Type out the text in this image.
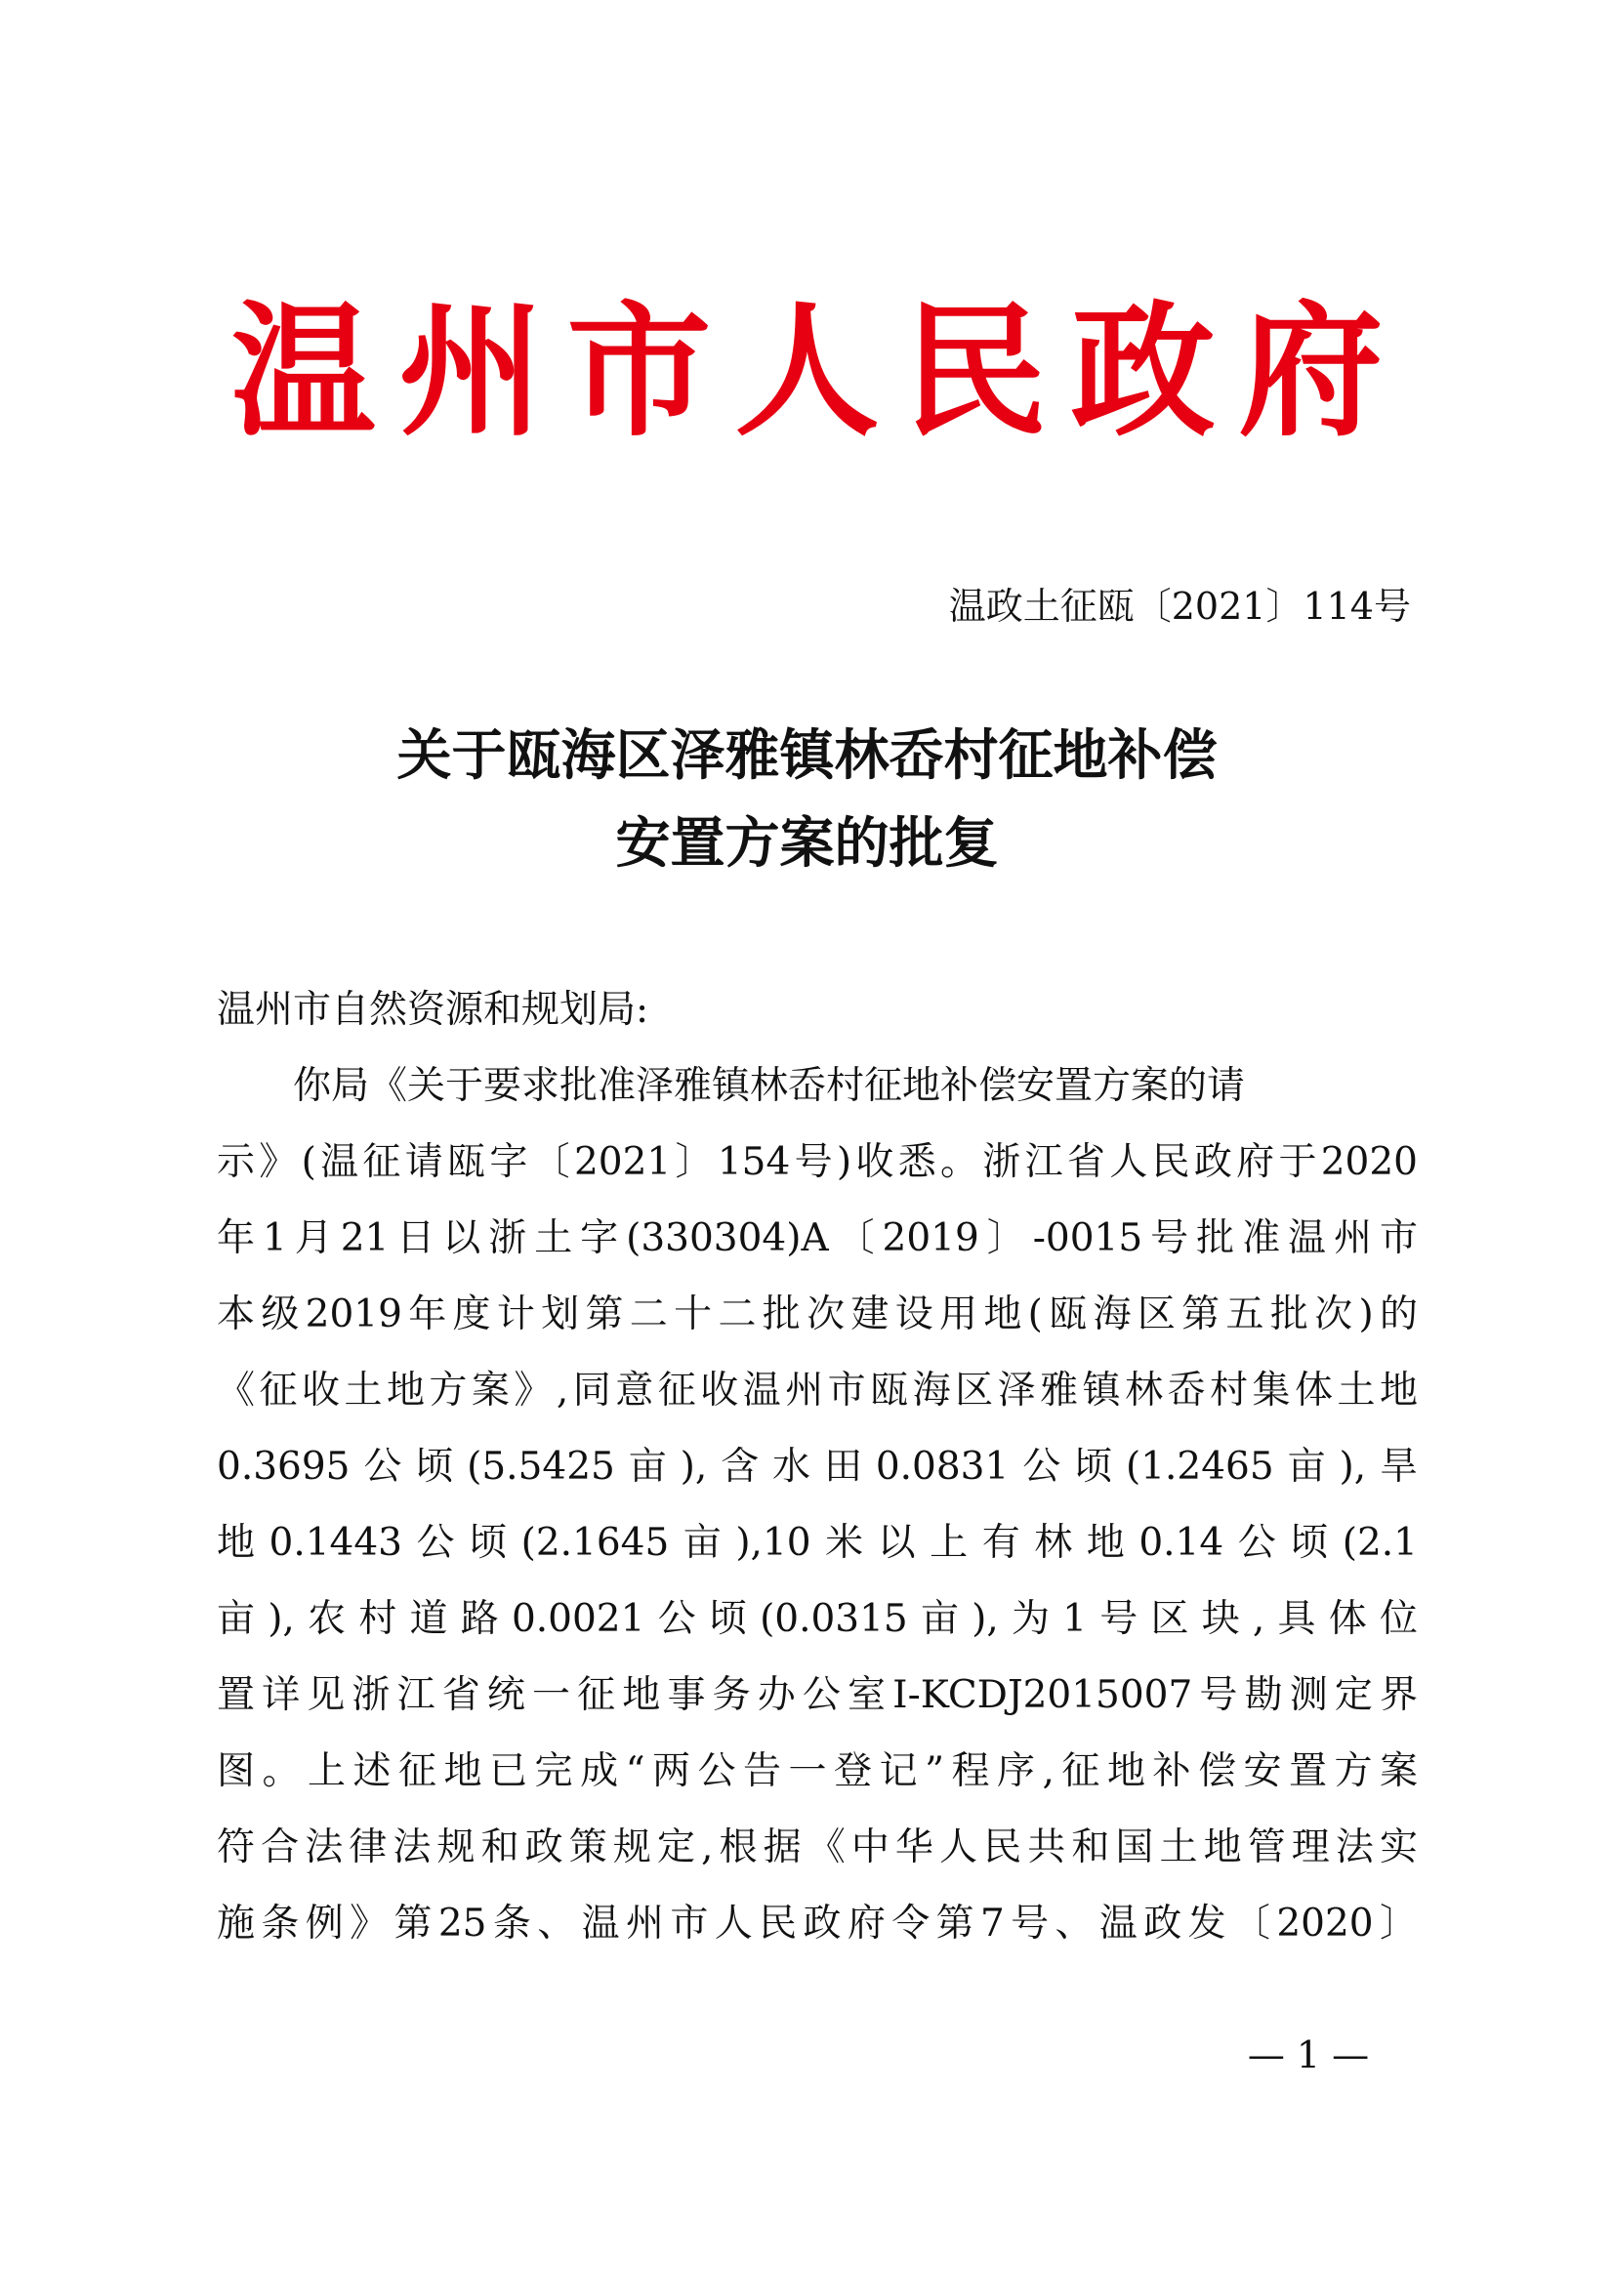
温州市人民政府
温政土征瓯〔2021〕114号
关于瓯海区泽雅镇林岙村征地补偿
安置方案的批复
温州市自然资源和规划局:
　　你局《关于要求批准泽雅镇林岙村征地补偿安置方案的请
示》(温征请瓯字〔2021〕154号)收悉。浙江省人民政府于2020
年1月21日以浙土字(330304)A〔2019〕-0015号批准温州市
本级2019年度计划第二十二批次建设用地(瓯海区第五批次)的
《征收土地方案》,同意征收温州市瓯海区泽雅镇林岙村集体土地
0.3695公顷(5.5425亩),含水田0.0831公顷(1.2465亩),旱
地0.1443公顷(2.1645亩),10米以上有林地0.14公顷(2.1
亩),农村道路0.0021公顷(0.0315亩),为1号区块,具体位
置详见浙江省统一征地事务办公室I-KCDJ2015007号勘测定界
图。上述征地已完成“两公告一登记”程序,征地补偿安置方案
符合法律法规和政策规定,根据《中华人民共和国土地管理法实
施条例》第25条、温州市人民政府令第7号、温政发〔2020〕
— 1 —
